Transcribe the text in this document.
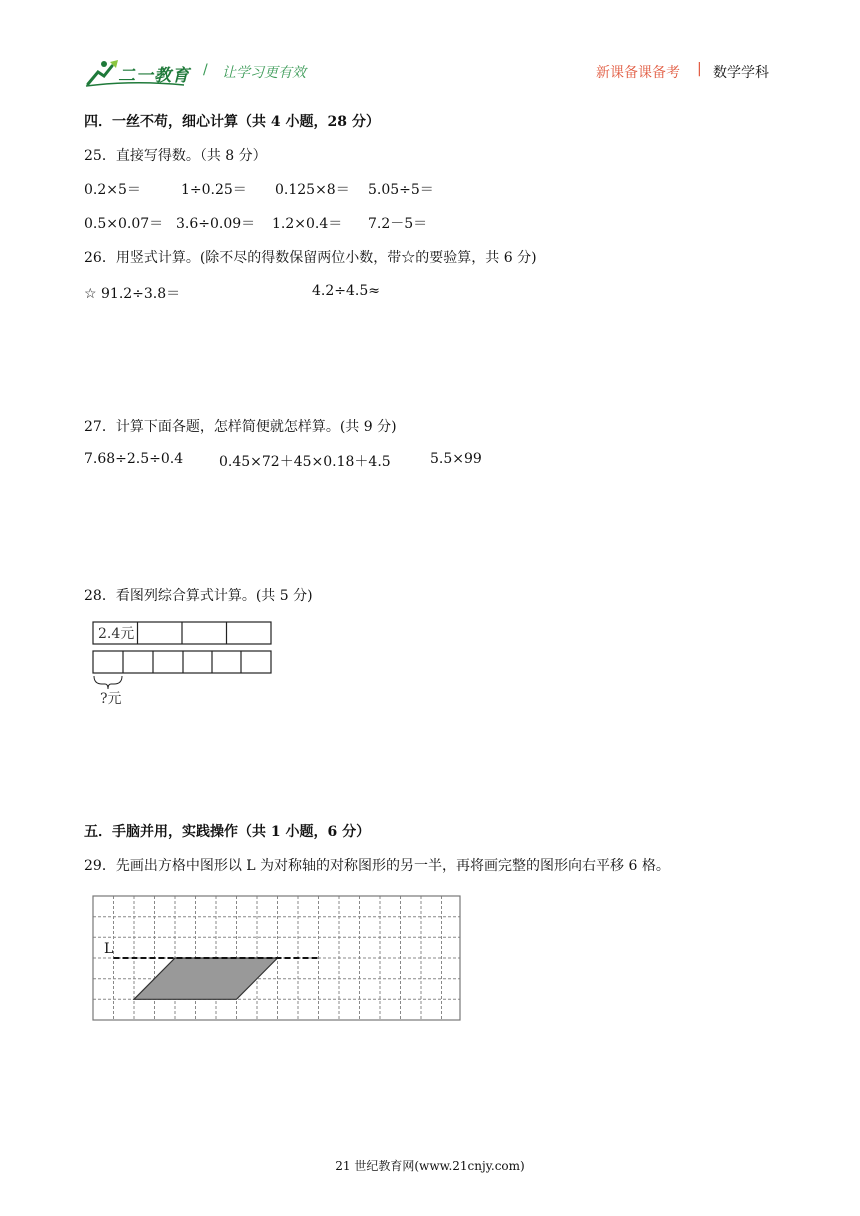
二一教育 / 让学习更有效	新课备课备考 | 数学学科
四．一丝不苟，细心计算（共 4 小题，28 分）
25．直接写得数。（共 8 分）
0.2×5＝	1÷0.25＝ 0.125×8＝ 5.05÷5＝
0.5×0.07＝ 3.6÷0.09＝ 1.2×0.4＝ 7.2－5＝
26．用竖式计算。(除不尽的得数保留两位小数，带☆的要验算，共 6 分)
☆ 91.2÷3.8＝	4.2÷4.5≈
27．计算下面各题，怎样简便就怎样算。(共 9 分)
7.68÷2.5÷0.4	0.45×72＋45×0.18＋4.5	5.5×99
28．看图列综合算式计算。(共 5 分)
2.4元
?元
五．手脑并用，实践操作（共 1 小题，6 分）
29．先画出方格中图形以 L 为对称轴的对称图形的另一半，再将画完整的图形向右平移 6 格。
L
21 世纪教育网(www.21cnjy.com)
